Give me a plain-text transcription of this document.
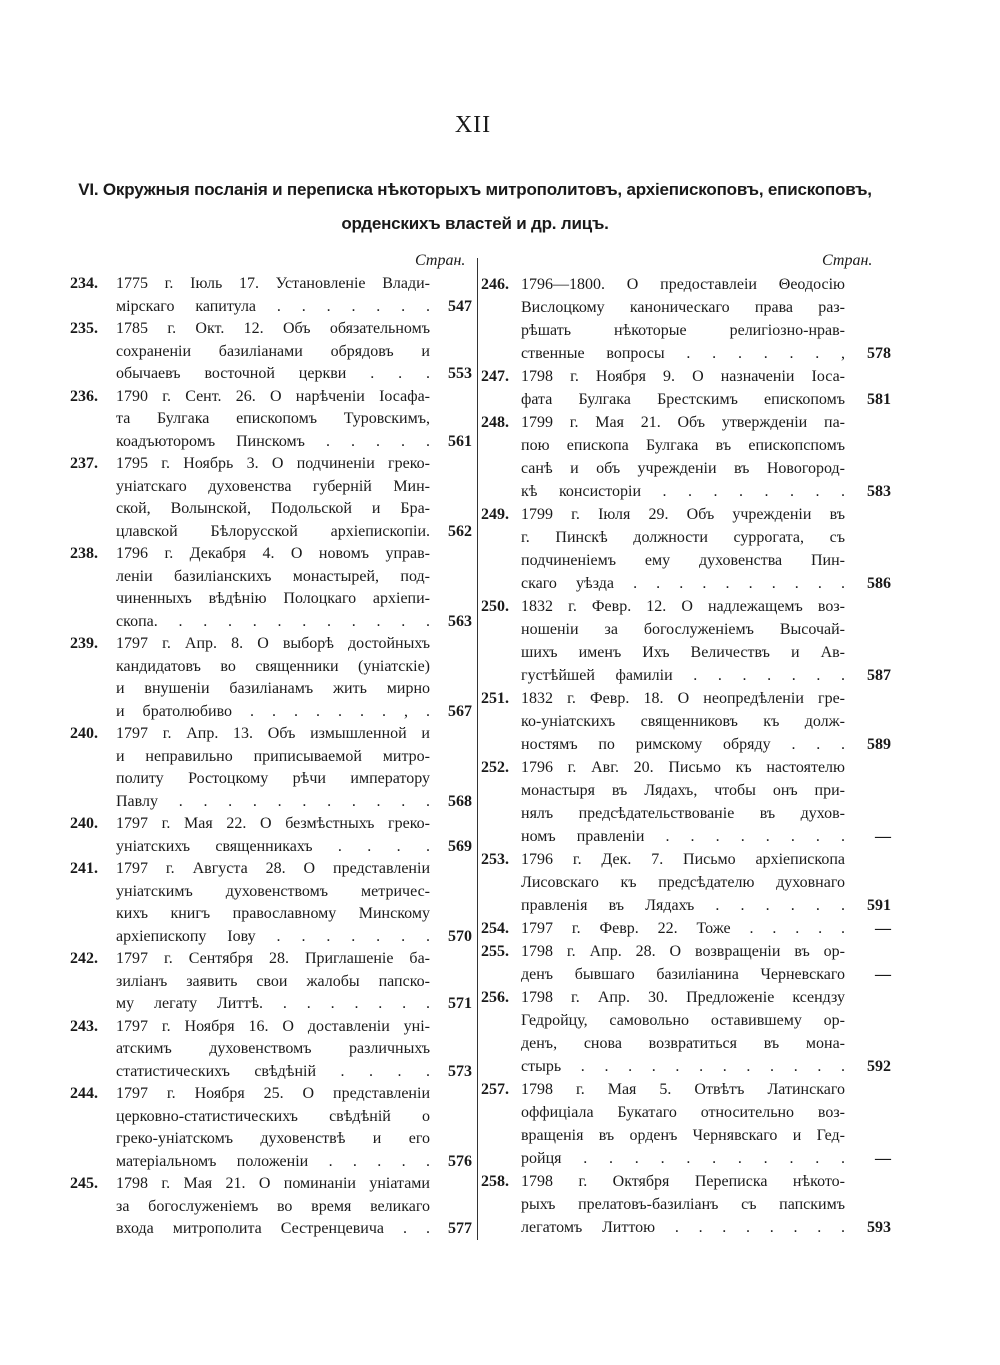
XII
VI. Окружныя посланія и переписка нѣкоторыхъ митрополитовъ, архіепископовъ, епископовъ,
орденскихъ властей и др. лицъ.
Стран.	Стран.
234. 1775 г. Іюль 17. Установленіе Влади-
мірскаго капитула . . . . . . . 547
235. 1785 г. Окт. 12. Объ обязательномъ
сохраненіи базиліанами обрядовъ и
обычаевъ восточной церкви . . . 553
236. 1790 г. Сент. 26. О нарѣченіи Іосафа-
та Булгака епископомъ Туровскимъ,
коадъюторомъ Пинскомъ . . . . . 561
237. 1795 г. Ноябрь 3. О подчиненіи греко-
уніатскаго духовенства губерній Мин-
ской, Волынской, Подольской и Бра-
цлавской Бѣлорусской архіепископіи. 562
238. 1796 г. Декабря 4. О новомъ управ-
леніи базиліанскихъ монастырей, под-
чиненныхъ вѣдѣнію Полоцкаго архіепи-
скопа. . . . . . . . . . . . 563
239. 1797 г. Апр. 8. О выборѣ достойныхъ
кандидатовъ во священники (уніатскіе)
и внушеніи базиліанамъ жить мирно
и братолюбиво . . . . . . . , . 567
240. 1797 г. Апр. 13. Объ измышленной и
и неправильно приписываемой митро-
политу Ростоцкому рѣчи императору
Павлу . . . . . . . . . . . 568
240. 1797 г. Мая 22. О безмѣстныхъ греко-
уніатскихъ священникахъ . . . . 569
241. 1797 г. Августа 28. О представленіи
уніатскимъ духовенствомъ метричес-
кихъ книгъ православному Минскому
архіепископу Іову . . . . . . . 570
242. 1797 г. Сентября 28. Приглашеніе ба-
зиліанъ заявить свои жалобы папско-
му легату Литтѣ. . . . . . . . 571
243. 1797 г. Ноября 16. О доставленіи уні-
атскимъ духовенствомъ различныхъ
статистическихъ свѣдѣній . . . . 573
244. 1797 г. Ноября 25. О представленіи
церковно-статистическихъ свѣдѣній о
греко-уніатскомъ духовенствѣ и его
матеріальномъ положеніи . . . . . 576
245. 1798 г. Мая 21. О поминаніи уніатами
за богослуженіемъ во время великаго
входа митрополита Сестренцевича . . 577
246. 1796—1800. О предоставлеіи Θеодосію
Вислоцкому каноническаго права раз-
рѣшать нѣкоторые религіозно-нрав-
ственные вопросы . . . . . . , 578
247. 1798 г. Ноября 9. О назначеніи Іоса-
фата Булгака Брестскимъ епископомъ 581
248. 1799 г. Мая 21. Объ утвержденіи па-
пою епископа Булгака въ епископспомъ
санѣ и объ учрежденіи въ Новогород-
кѣ консисторіи . . . . . . . . 583
249. 1799 г. Іюля 29. Объ учрежденіи въ
г. Пинскѣ должности суррогата, съ
подчиненіемъ ему духовенства Пин-
скаго уѣзда . . . . . . . . . . 586
250. 1832 г. Февр. 12. О надлежащемъ воз-
ношеніи за богослуженіемъ Высочай-
шихъ именъ Ихъ Величествъ и Ав-
густѣйшей фамиліи . . . . . . . 587
251. 1832 г. Февр. 18. О неопредѣленіи гре-
ко-уніатскихъ священниковъ къ долж-
ностямъ по римскому обряду . . . 589
252. 1796 г. Авг. 20. Письмо къ настоятелю
монастыря въ Лядахъ, чтобы онъ при-
нялъ предсѣдательствованіе въ духов-
номъ правленіи . . . . . . . . —
253. 1796 г. Дек. 7. Письмо архіепископа
Лисовскаго къ предсѣдателю духовнаго
правленія въ Лядахъ . . . . . . 591
254. 1797 г. Февр. 22. Тоже . . . . . —
255. 1798 г. Апр. 28. О возвращеніи въ ор-
денъ бывшаго базиліанина Черневскаго —
256. 1798 г. Апр. 30. Предложеніе ксендзу
Гедройцу, самовольно оставившему ор-
денъ, снова возвратиться въ мона-
стырь . . . . . . . . . . . . 592
257. 1798 г. Мая 5. Отвѣтъ Латинскаго
оффиціала Букатаго относительно воз-
вращенія въ орденъ Чернявскаго и Гед-
ройця . . . . . . . . . . . —
258. 1798 г. Октября Переписка нѣкото-
рыхъ прелатовъ-базиліанъ съ папскимъ
легатомъ Литтою . . . . . . . . 593
